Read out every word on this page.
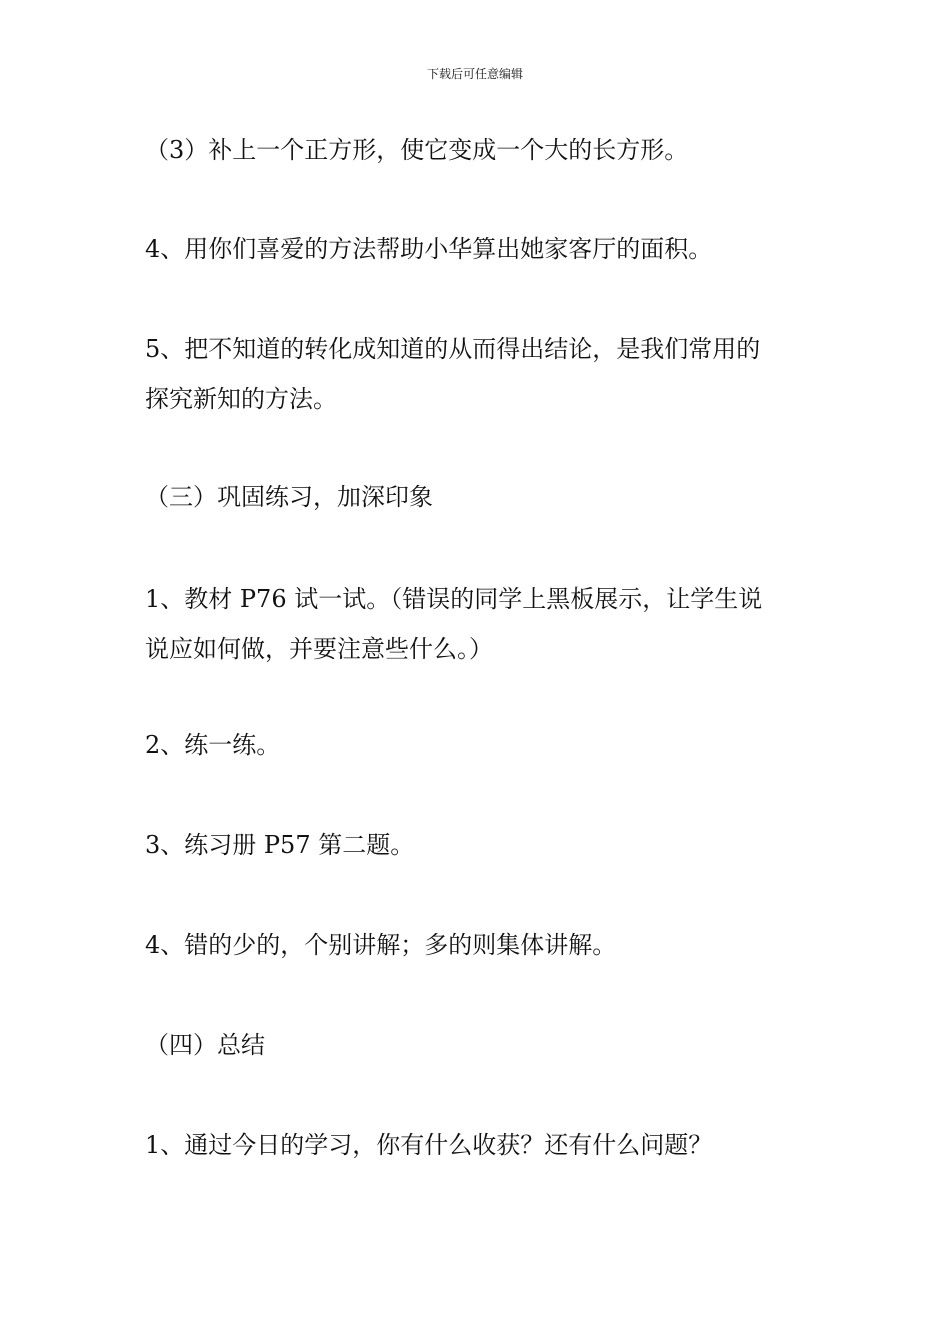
下载后可任意编辑
（3）补上一个正方形，使它变成一个大的长方形。
4、用你们喜爱的方法帮助小华算出她家客厅的面积。
5、把不知道的转化成知道的从而得出结论，是我们常用的
探究新知的方法。
（三）巩固练习，加深印象
1、教材 P76 试一试。（错误的同学上黑板展示，让学生说
说应如何做，并要注意些什么。）
2、练一练。
3、练习册 P57 第二题。
4、错的少的，个别讲解；多的则集体讲解。
（四）总结
1、通过今日的学习，你有什么收获？还有什么问题？
